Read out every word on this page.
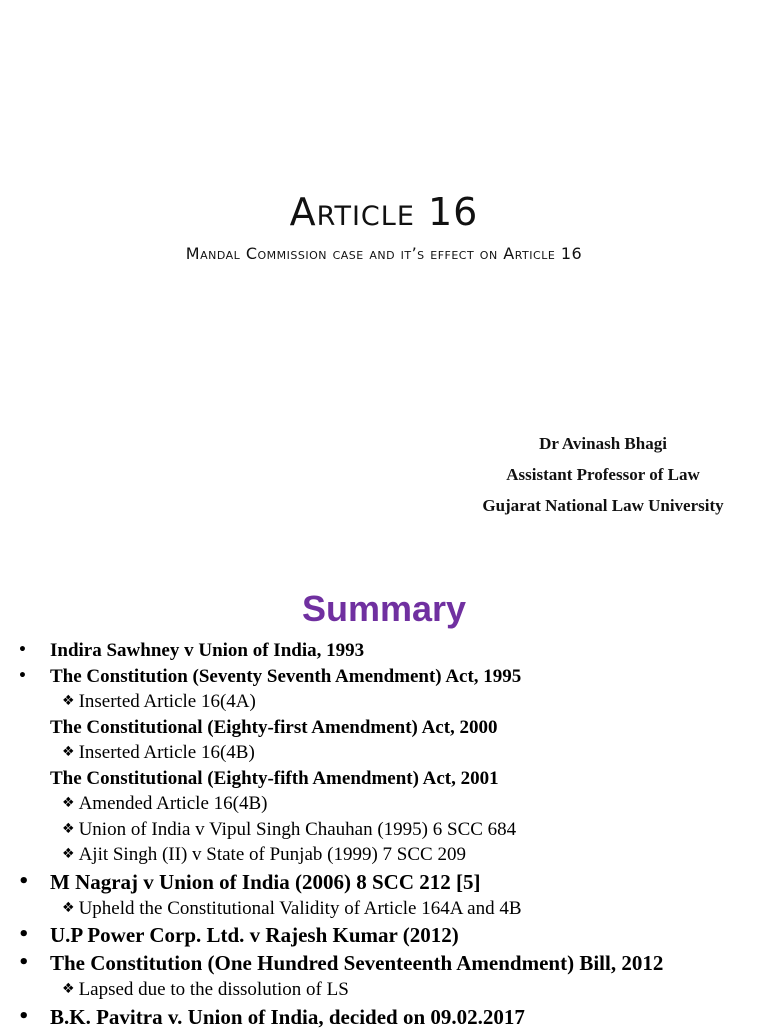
Article 16
Mandal Commission case and it’s effect on Article 16
Dr Avinash Bhagi
Assistant Professor of Law
Gujarat National Law University
Summary
• Indira Sawhney v Union of India, 1993
• The Constitution (Seventy Seventh Amendment) Act, 1995
❖ Inserted Article 16(4A)
The Constitutional (Eighty-first Amendment) Act, 2000
❖ Inserted Article 16(4B)
The Constitutional (Eighty-fifth Amendment) Act, 2001
❖ Amended Article 16(4B)
❖ Union of India v Vipul Singh Chauhan (1995) 6 SCC 684
❖ Ajit Singh (II) v State of Punjab (1999) 7 SCC 209
• M Nagraj v Union of India (2006) 8 SCC 212 [5]
❖ Upheld the Constitutional Validity of Article 164A and 4B
• U.P Power Corp. Ltd. v Rajesh Kumar (2012)
• The Constitution (One Hundred Seventeenth Amendment) Bill, 2012
❖ Lapsed due to the dissolution of LS
• B.K. Pavitra v. Union of India, decided on 09.02.2017
